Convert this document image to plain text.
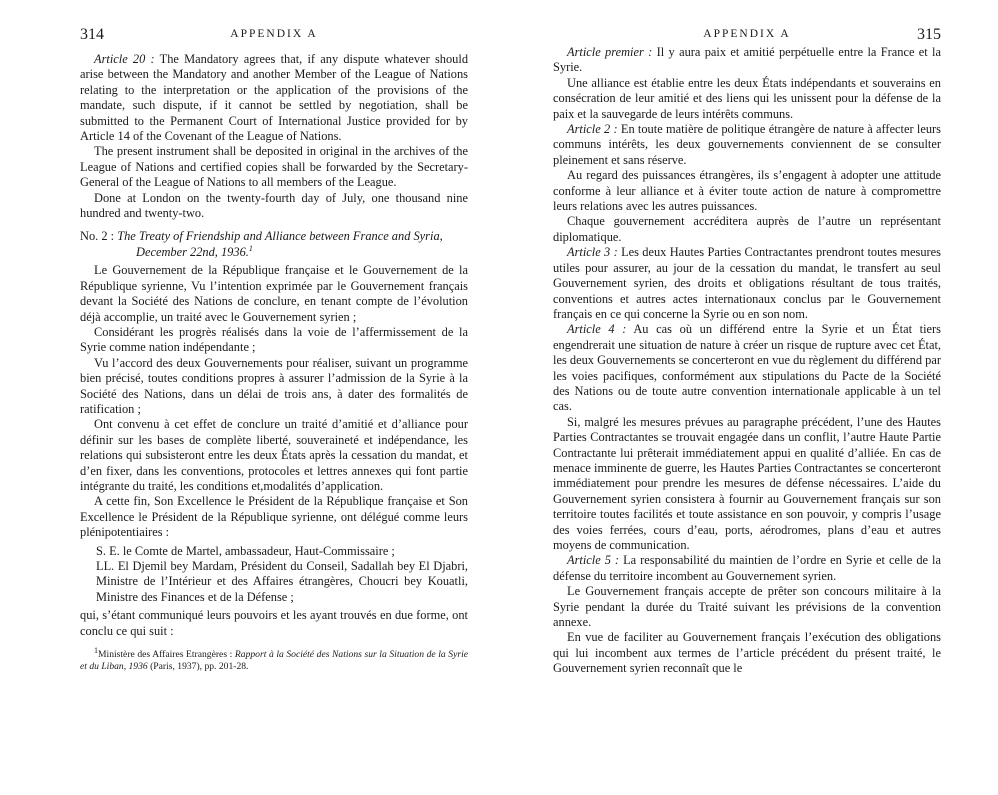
314	APPENDIX A

Article 20 : The Mandatory agrees that, if any dispute whatever should arise between the Mandatory and another Member of the League of Nations relating to the interpretation or the application of the provisions of the mandate, such dispute, if it cannot be settled by negotiation, shall be submitted to the Permanent Court of International Justice provided for by Article 14 of the Covenant of the League of Nations.

The present instrument shall be deposited in original in the archives of the League of Nations and certified copies shall be forwarded by the Secretary-General of the League of Nations to all members of the League.

Done at London on the twenty-fourth day of July, one thousand nine hundred and twenty-two.

No. 2 : The Treaty of Friendship and Alliance between France and Syria,
December 22nd, 1936.$^1$

Le Gouvernement de la République française et le Gouvernement de la République syrienne, Vu l’intention exprimée par le Gouvernement français devant la Société des Nations de conclure, en tenant compte de l’évolution déjà accomplie, un traité avec le Gouvernement syrien ;

Considérant les progrès réalisés dans la voie de l’affermissement de la Syrie comme nation indépendante ;

Vu l’accord des deux Gouvernements pour réaliser, suivant un programme bien précisé, toutes conditions propres à assurer l’admission de la Syrie à la Société des Nations, dans un délai de trois ans, à dater des formalités de ratification ;

Ont convenu à cet effet de conclure un traité d’amitié et d’alliance pour définir sur les bases de complète liberté, souveraineté et indépendance, les relations qui subsisteront entre les deux États après la cessation du mandat, et d’en fixer, dans les conventions, protocoles et lettres annexes qui font partie intégrante du traité, les conditions et,modalités d’application.

A cette fin, Son Excellence le Président de la République française et Son Excellence le Président de la République syrienne, ont délégué comme leurs plénipotentiaires :

S. E. le Comte de Martel, ambassadeur, Haut-Commissaire ;

LL. El Djemil bey Mardam, Président du Conseil, Sadallah bey El Djabri, Ministre de l’Intérieur et des Affaires étrangères, Choucri bey Kouatli, Ministre des Finances et de la Défense ;

qui, s’étant communiqué leurs pouvoirs et les ayant trouvés en due forme, ont conclu ce qui suit :

$^1$Ministère des Affaires Etrangères : Rapport à la Société des Nations sur la Situation de la Syrie et du Liban, 1936 (Paris, 1937), pp. 201-28.

APPENDIX A	315

Article premier : Il y aura paix et amitié perpétuelle entre la France et la Syrie.

Une alliance est établie entre les deux États indépendants et souverains en consécration de leur amitié et des liens qui les unissent pour la défense de la paix et la sauvegarde de leurs intérêts communs.

Article 2 : En toute matière de politique étrangère de nature à affecter leurs communs intérêts, les deux gouvernements conviennent de se consulter pleinement et sans réserve.

Au regard des puissances étrangères, ils s’engagent à adopter une attitude conforme à leur alliance et à éviter toute action de nature à compromettre leurs relations avec les autres puissances.

Chaque gouvernement accréditera auprès de l’autre un représentant diplomatique.

Article 3 : Les deux Hautes Parties Contractantes prendront toutes mesures utiles pour assurer, au jour de la cessation du mandat, le transfert au seul Gouvernement syrien, des droits et obligations résultant de tous traités, conventions et autres actes internationaux conclus par le Gouvernement français en ce qui concerne la Syrie ou en son nom.

Article 4 : Au cas où un différend entre la Syrie et un État tiers engendrerait une situation de nature à créer un risque de rupture avec cet État, les deux Gouvernements se concerteront en vue du règlement du différend par les voies pacifiques, conformément aux stipulations du Pacte de la Société des Nations ou de toute autre convention internationale applicable à un tel cas.

Si, malgré les mesures prévues au paragraphe précédent, l’une des Hautes Parties Contractantes se trouvait engagée dans un conflit, l’autre Haute Partie Contractante lui prêterait immédiatement appui en qualité d’alliée. En cas de menace imminente de guerre, les Hautes Parties Contractantes se concerteront immédiatement pour prendre les mesures de défense nécessaires. L’aide du Gouvernement syrien consistera à fournir au Gouvernement français sur son territoire toutes facilités et toute assistance en son pouvoir, y compris l’usage des voies ferrées, cours d’eau, ports, aérodromes, plans d’eau et autres moyens de communication.

Article 5 : La responsabilité du maintien de l’ordre en Syrie et celle de la défense du territoire incombent au Gouvernement syrien.

Le Gouvernement français accepte de prêter son concours militaire à la Syrie pendant la durée du Traité suivant les prévisions de la convention annexe.

En vue de faciliter au Gouvernement français l’exécution des obligations qui lui incombent aux termes de l’article précédent du présent traité, le Gouvernement syrien reconnaît que le
